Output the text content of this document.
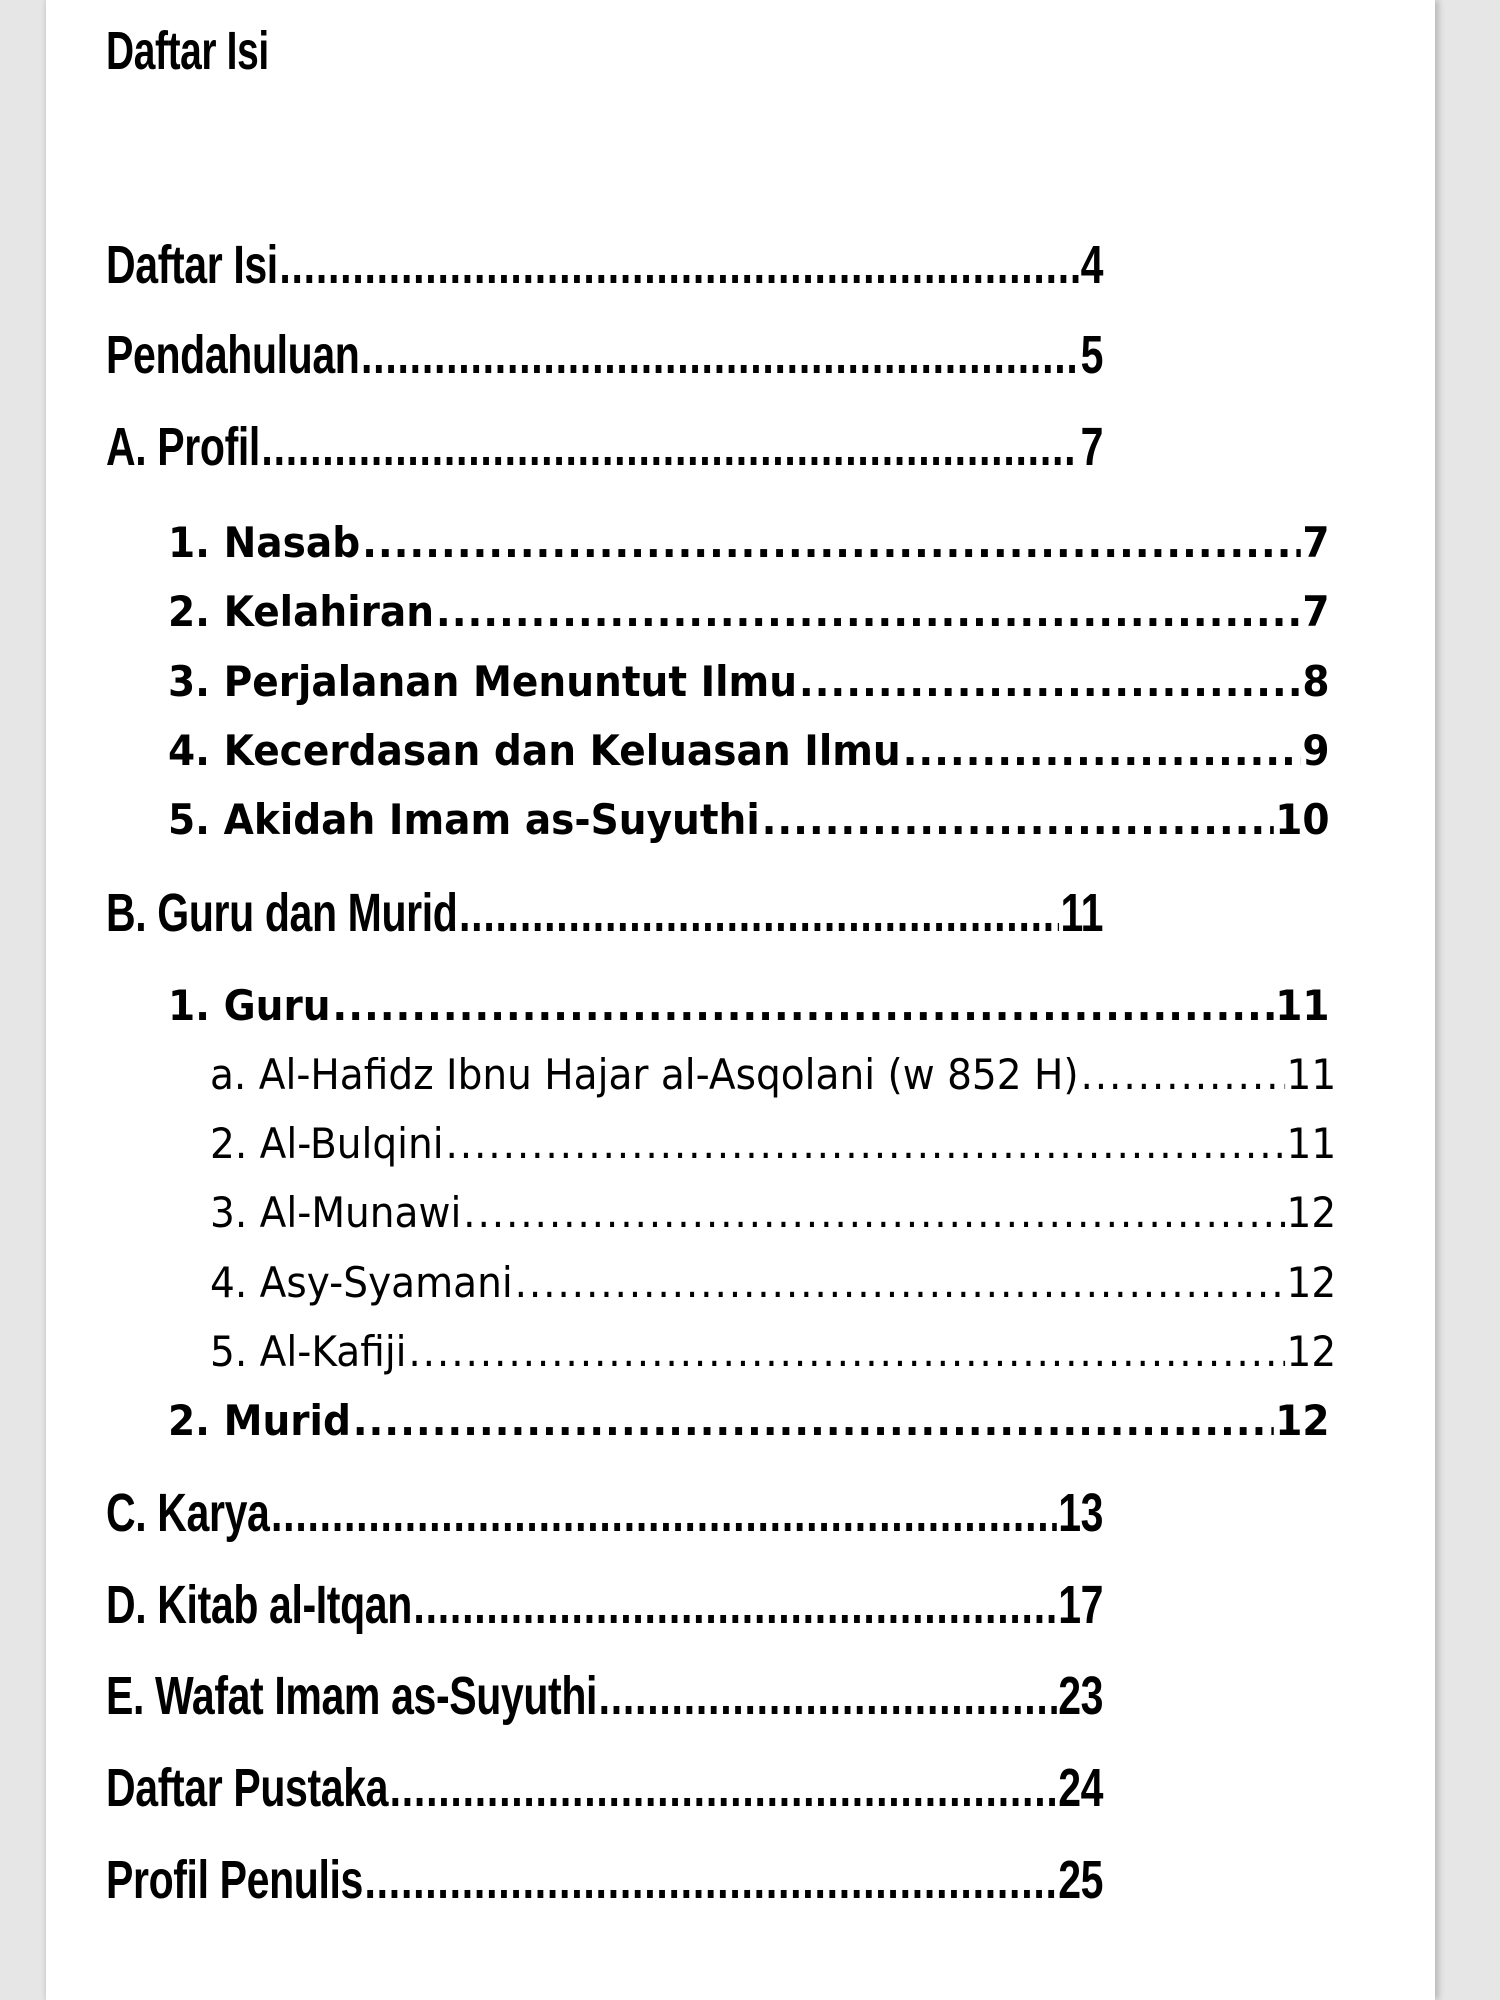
Daftar Isi
Daftar Isi .....	4
Pendahuluan .....	5
A. Profil .....	7
1. Nasab .....	7
2. Kelahiran .....	7
3. Perjalanan Menuntut Ilmu .....	8
4. Kecerdasan dan Keluasan Ilmu .....	9
5. Akidah Imam as-Suyuthi .....	10
B. Guru dan Murid .....	11
1. Guru .....	11
a. Al-Hafidz Ibnu Hajar al-Asqolani (w 852 H) .....	11
2. Al-Bulqini .....	11
3. Al-Munawi .....	12
4. Asy-Syamani .....	12
5. Al-Kafiji .....	12
2. Murid .....	12
C. Karya .....	13
D. Kitab al-Itqan .....	17
E. Wafat Imam as-Suyuthi .....	23
Daftar Pustaka .....	24
Profil Penulis .....	25
